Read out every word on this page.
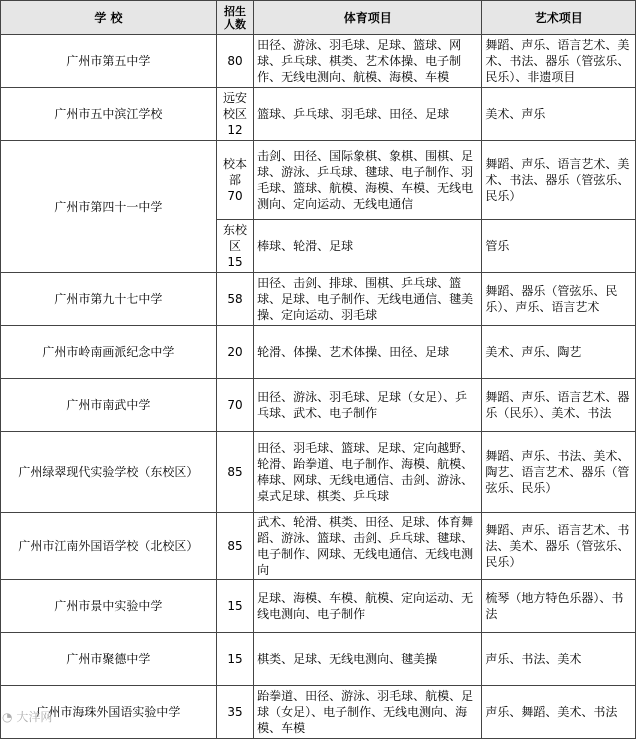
学 校	招生人数	体育项目	艺术项目
广州市第五中学	80	田径、游泳、羽毛球、足球、篮球、网球、乒乓球、棋类、艺术体操、电子制作、无线电测向、航模、海模、车模	舞蹈、声乐、语言艺术、美术、书法、器乐（管弦乐、民乐）、非遗项目
广州市五中滨江学校	远安校区12	篮球、乒乓球、羽毛球、田径、足球	美术、声乐
广州市第四十一中学	校本部 70	击剑、田径、国际象棋、象棋、围棋、足球、游泳、乒乓球、毽球、电子制作、羽毛球、篮球、航模、海模、车模、无线电测向、定向运动、无线电通信	舞蹈、声乐、语言艺术、美术、书法、器乐（管弦乐、民乐）
	东校区 15	棒球、轮滑、足球	管乐
广州市第九十七中学	58	田径、击剑、排球、围棋、乒乓球、篮球、足球、电子制作、无线电通信、毽美操、定向运动、羽毛球	舞蹈、器乐（管弦乐、民乐）、声乐、语言艺术
广州市岭南画派纪念中学	20	轮滑、体操、艺术体操、田径、足球	美术、声乐、陶艺
广州市南武中学	70	田径、游泳、羽毛球、足球（女足）、乒乓球、武术、电子制作	舞蹈、声乐、语言艺术、器乐（民乐）、美术、书法
广州绿翠现代实验学校（东校区）	85	田径、羽毛球、篮球、足球、定向越野、轮滑、跆拳道、电子制作、海模、航模、棒球、网球、无线电通信、击剑、游泳、桌式足球、棋类、乒乓球	舞蹈、声乐、书法、美术、陶艺、语言艺术、器乐（管弦乐、民乐）
广州市江南外国语学校（北校区）	85	武术、轮滑、棋类、田径、足球、体育舞蹈、游泳、篮球、击剑、乒乓球、毽球、电子制作、网球、无线电通信、无线电测向	舞蹈、声乐、语言艺术、书法、美术、器乐（管弦乐、民乐）
广州市景中实验中学	15	足球、海模、车模、航模、定向运动、无线电测向、电子制作	梳琴（地方特色乐器）、书法
广州市聚德中学	15	棋类、足球、无线电测向、毽美操	声乐、书法、美术
广州市海珠外国语实验中学	35	跆拳道、田径、游泳、羽毛球、航模、足球（女足）、电子制作、无线电测向、海模、车模	声乐、舞蹈、美术、书法
◔ 大洋网
